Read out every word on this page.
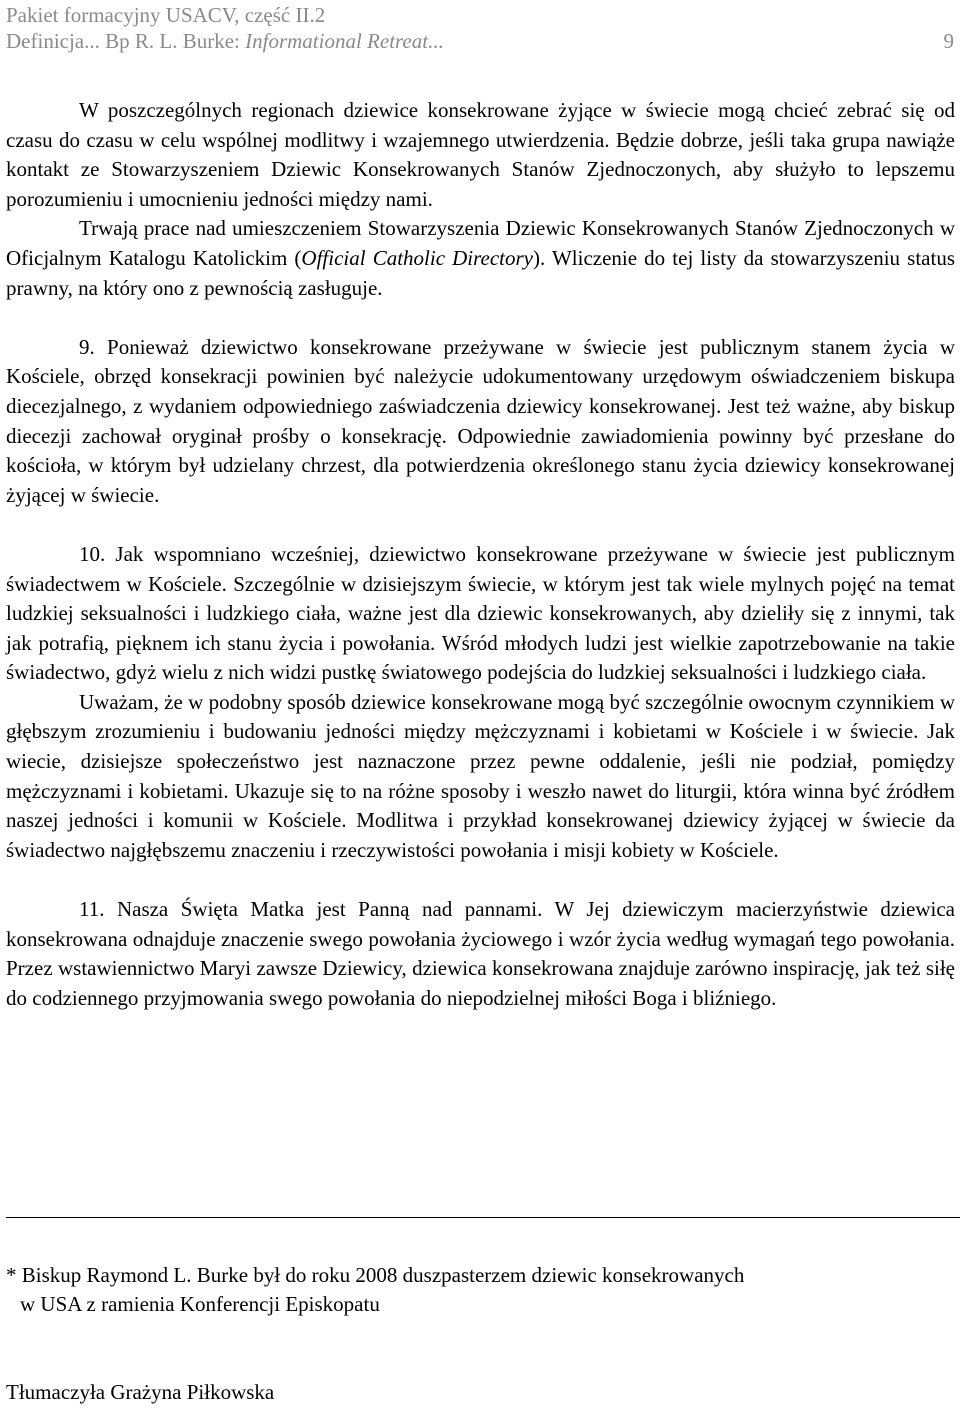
Pakiet formacyjny USACV, część II.2
Definicja... Bp R. L. Burke: Informational Retreat...	9

W poszczególnych regionach dziewice konsekrowane żyjące w świecie mogą chcieć zebrać się od czasu do czasu w celu wspólnej modlitwy i wzajemnego utwierdzenia. Będzie dobrze, jeśli taka grupa nawiąże kontakt ze Stowarzyszeniem Dziewic Konsekrowanych Stanów Zjednoczonych, aby służyło to lepszemu porozumieniu i umocnieniu jedności między nami.

Trwają prace nad umieszczeniem Stowarzyszenia Dziewic Konsekrowanych Stanów Zjednoczonych w Oficjalnym Katalogu Katolickim (Official Catholic Directory). Wliczenie do tej listy da stowarzyszeniu status prawny, na który ono z pewnością zasługuje.

9. Ponieważ dziewictwo konsekrowane przeżywane w świecie jest publicznym stanem życia w Kościele, obrzęd konsekracji powinien być należycie udokumentowany urzędowym oświadczeniem biskupa diecezjalnego, z wydaniem odpowiedniego zaświadczenia dziewicy konsekrowanej. Jest też ważne, aby biskup diecezji zachował oryginał prośby o konsekrację. Odpowiednie zawiadomienia powinny być przesłane do kościoła, w którym był udzielany chrzest, dla potwierdzenia określonego stanu życia dziewicy konsekrowanej żyjącej w świecie.

10. Jak wspomniano wcześniej, dziewictwo konsekrowane przeżywane w świecie jest publicznym świadectwem w Kościele. Szczególnie w dzisiejszym świecie, w którym jest tak wiele mylnych pojęć na temat ludzkiej seksualności i ludzkiego ciała, ważne jest dla dziewic konsekrowanych, aby dzieliły się z innymi, tak jak potrafią, pięknem ich stanu życia i powołania. Wśród młodych ludzi jest wielkie zapotrzebowanie na takie świadectwo, gdyż wielu z nich widzi pustkę światowego podejścia do ludzkiej seksualności i ludzkiego ciała.

Uważam, że w podobny sposób dziewice konsekrowane mogą być szczególnie owocnym czynnikiem w głębszym zrozumieniu i budowaniu jedności między mężczyznami i kobietami w Kościele i w świecie. Jak wiecie, dzisiejsze społeczeństwo jest naznaczone przez pewne oddalenie, jeśli nie podział, pomiędzy mężczyznami i kobietami. Ukazuje się to na różne sposoby i weszło nawet do liturgii, która winna być źródłem naszej jedności i komunii w Kościele. Modlitwa i przykład konsekrowanej dziewicy żyjącej w świecie da świadectwo najgłębszemu znaczeniu i rzeczywistości powołania i misji kobiety w Kościele.

11. Nasza Święta Matka jest Panną nad pannami. W Jej dziewiczym macierzyństwie dziewica konsekrowana odnajduje znaczenie swego powołania życiowego i wzór życia według wymagań tego powołania. Przez wstawiennictwo Maryi zawsze Dziewicy, dziewica konsekrowana znajduje zarówno inspirację, jak też siłę do codziennego przyjmowania swego powołania do niepodzielnej miłości Boga i bliźniego.

* Biskup Raymond L. Burke był do roku 2008 duszpasterzem dziewic konsekrowanych
w USA z ramienia Konferencji Episkopatu
Tłumaczyła Grażyna Piłkowska
